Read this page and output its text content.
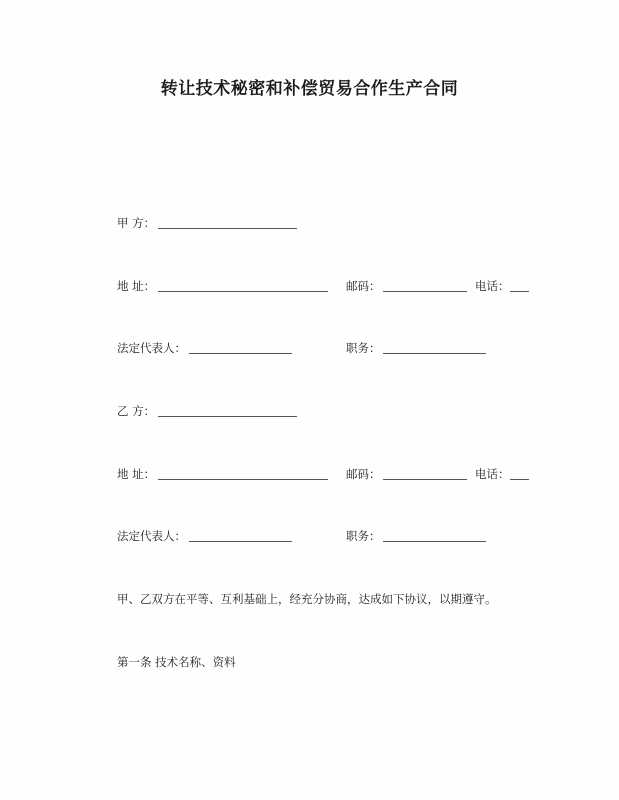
转让技术秘密和补偿贸易合作生产合同
甲 方：
地 址：	邮码：	电话：
法定代表人：	职务：
乙 方：
地 址：	邮码：	电话：
法定代表人：	职务：
甲、乙双方在平等、互利基础上，经充分协商，达成如下协议，以期遵守。
第一条 技术名称、资料
